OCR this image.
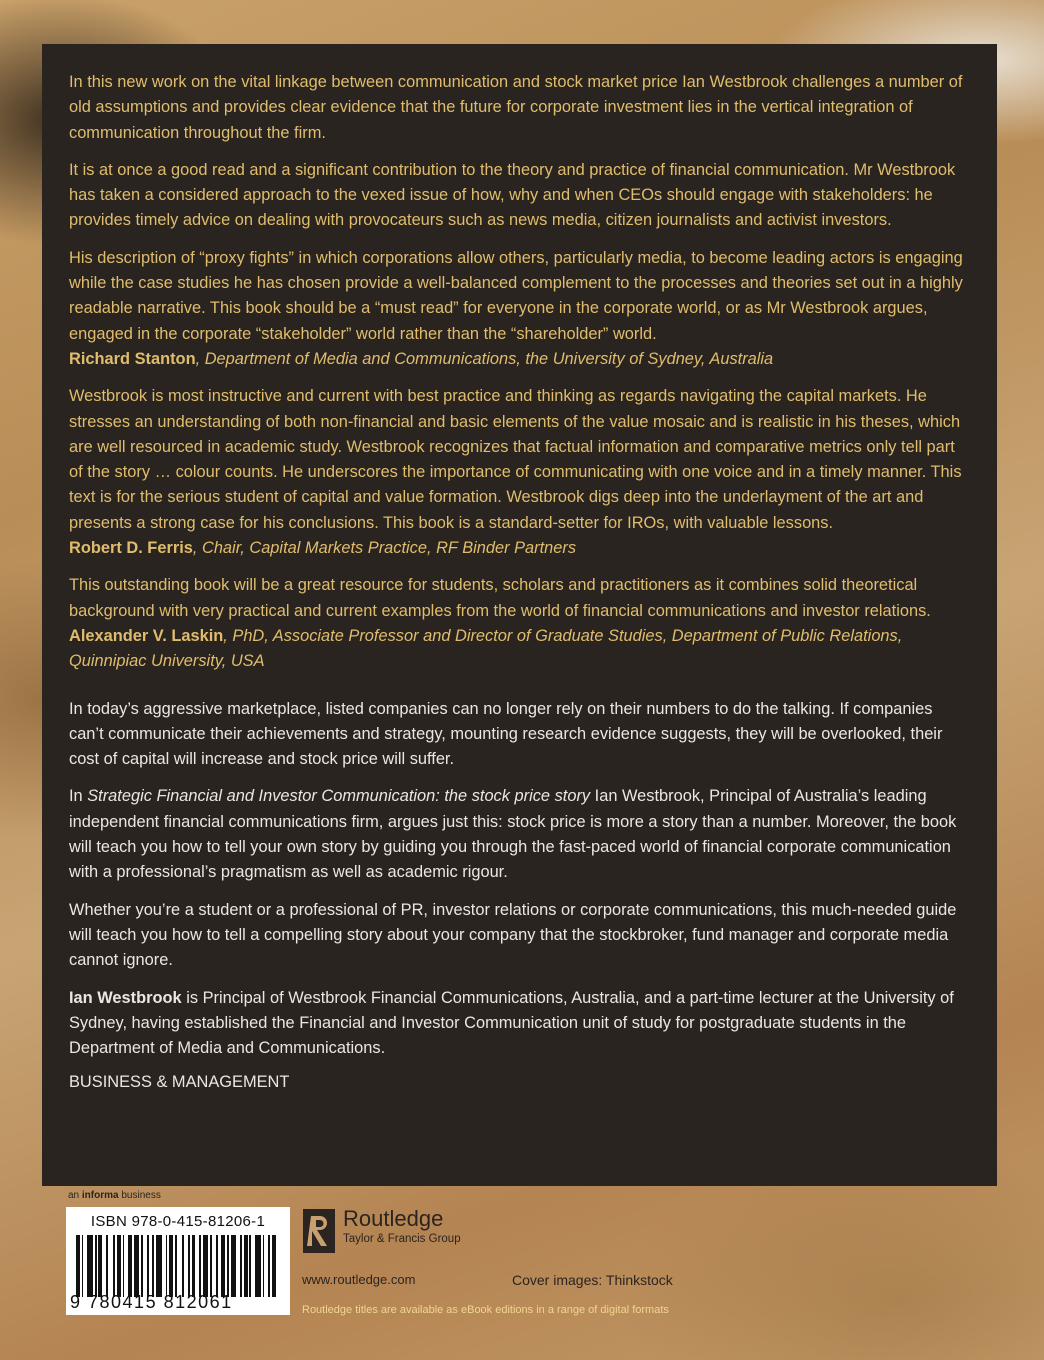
In this new work on the vital linkage between communication and stock market price Ian Westbrook challenges a number of old assumptions and provides clear evidence that the future for corporate investment lies in the vertical integration of communication throughout the firm.

It is at once a good read and a significant contribution to the theory and practice of financial communication. Mr Westbrook has taken a considered approach to the vexed issue of how, why and when CEOs should engage with stakeholders: he provides timely advice on dealing with provocateurs such as news media, citizen journalists and activist investors.

His description of “proxy fights” in which corporations allow others, particularly media, to become leading actors is engaging while the case studies he has chosen provide a well-balanced complement to the processes and theories set out in a highly readable narrative. This book should be a “must read” for everyone in the corporate world, or as Mr Westbrook argues, engaged in the corporate “stakeholder” world rather than the “shareholder” world.

Richard Stanton, Department of Media and Communications, the University of Sydney, Australia

Westbrook is most instructive and current with best practice and thinking as regards navigating the capital markets. He stresses an understanding of both non-financial and basic elements of the value mosaic and is realistic in his theses, which are well resourced in academic study. Westbrook recognizes that factual information and comparative metrics only tell part of the story … colour counts. He underscores the importance of communicating with one voice and in a timely manner. This text is for the serious student of capital and value formation. Westbrook digs deep into the underlayment of the art and presents a strong case for his conclusions. This book is a standard-setter for IROs, with valuable lessons.

Robert D. Ferris, Chair, Capital Markets Practice, RF Binder Partners

This outstanding book will be a great resource for students, scholars and practitioners as it combines solid theoretical background with very practical and current examples from the world of financial communications and investor relations.

Alexander V. Laskin, PhD, Associate Professor and Director of Graduate Studies, Department of Public Relations, Quinnipiac University, USA

In today’s aggressive marketplace, listed companies can no longer rely on their numbers to do the talking. If companies can’t communicate their achievements and strategy, mounting research evidence suggests, they will be overlooked, their cost of capital will increase and stock price will suffer.

In Strategic Financial and Investor Communication: the stock price story Ian Westbrook, Principal of Australia’s leading independent financial communications firm, argues just this: stock price is more a story than a number. Moreover, the book will teach you how to tell your own story by guiding you through the fast-paced world of financial corporate communication with a professional’s pragmatism as well as academic rigour.

Whether you’re a student or a professional of PR, investor relations or corporate communications, this much-needed guide will teach you how to tell a compelling story about your company that the stockbroker, fund manager and corporate media cannot ignore.

Ian Westbrook is Principal of Westbrook Financial Communications, Australia, and a part-time lecturer at the University of Sydney, having established the Financial and Investor Communication unit of study for postgraduate students in the Department of Media and Communications.

BUSINESS & MANAGEMENT
an informa business
ISBN 978-0-415-81206-1
9 780415 812061
Routledge
Taylor & Francis Group
www.routledge.com	Cover images: Thinkstock
Routledge titles are available as eBook editions in a range of digital formats
